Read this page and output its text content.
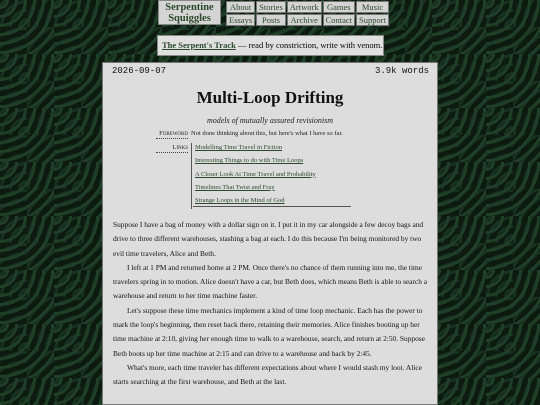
Serpentine
Squiggles
About Stories Artwork Games	Music
Essays	Posts	Archive Contact Support
The Serpent's Track — read by constriction, write with venom.
2026-09-07	3.9k words
Multi-Loop Drifting
models of mutually assured revisionism
Foreword Not done thinking about this, but here's what I have so far.
Links Modelling Time Travel in Fiction
Interesting Things to do with Time Loops
A Closer Look At Time Travel and Probability
Timelines That Twist and Fray
Strange Loops in the Mind of God

Suppose I have a bag of money with a dollar sign on it. I put it in my car alongside a few decoy bags and drive to three different warehouses, stashing a bag at each. I do this because I'm being monitored by two evil time travelers, Alice and Beth.

I left at 1 PM and returned home at 2 PM. Once there's no chance of them running into me, the time travelers spring in to motion. Alice doesn't have a car, but Beth does, which means Beth is able to search a warehouse and return to her time machine faster.

Let's suppose these time mechanics implement a kind of time loop mechanic. Each has the power to mark the loop's beginning, then reset back there, retaining their memories. Alice finishes booting up her time machine at 2:10, giving her enough time to walk to a warehouse, search, and return at 2:50. Suppose Beth boots up her time machine at 2:15 and can drive to a warehouse and back by 2:45.

What's more, each time traveler has different expectations about where I would stash my loot. Alice starts searching at the first warehouse, and Beth at the last.
